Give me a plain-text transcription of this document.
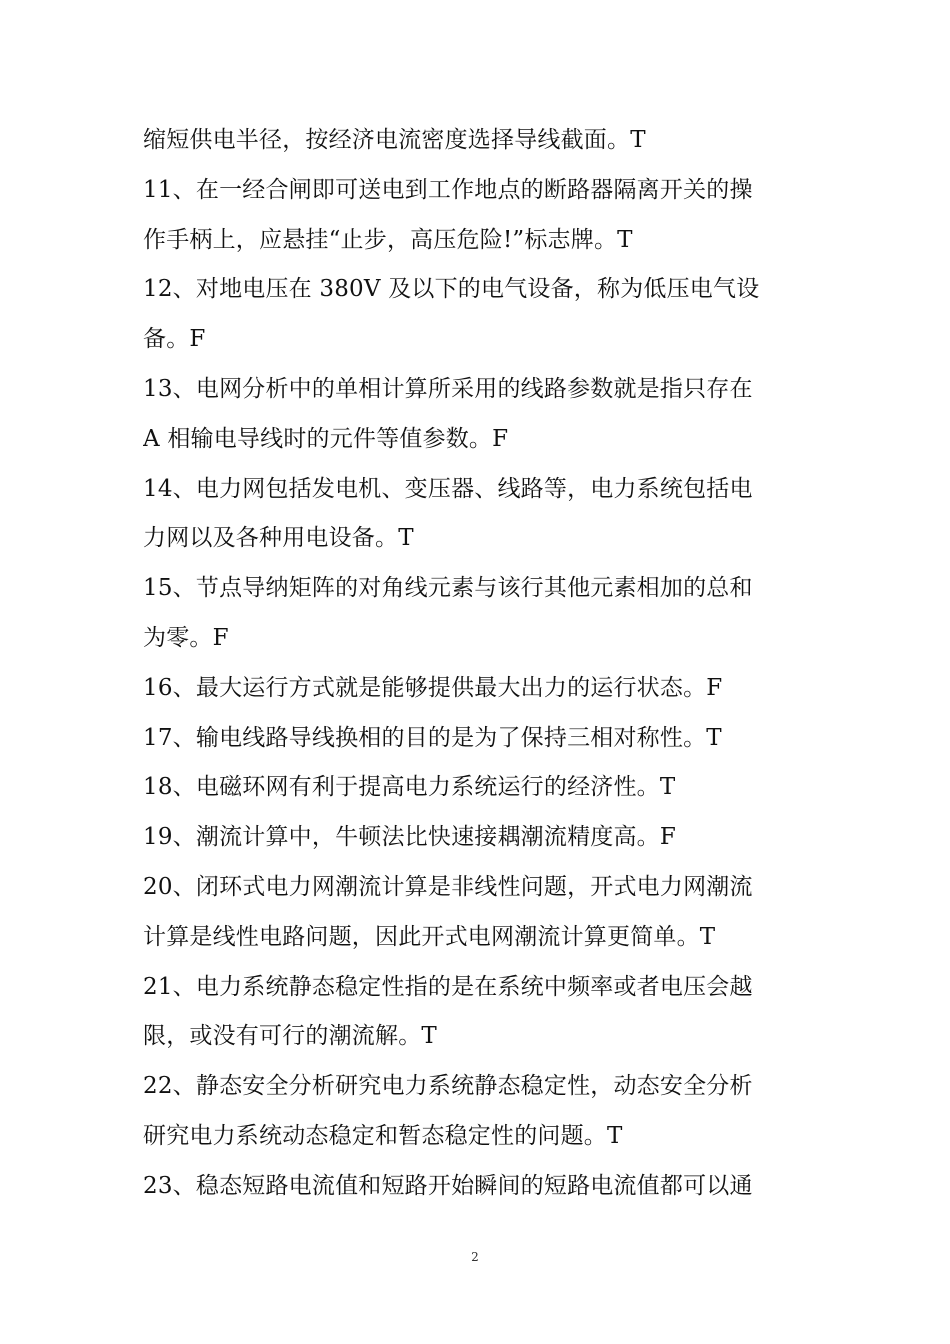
缩短供电半径，按经济电流密度选择导线截面。T
11、在一经合闸即可送电到工作地点的断路器隔离开关的操
作手柄上，应悬挂“止步，高压危险!”标志牌。T
12、对地电压在 380V 及以下的电气设备，称为低压电气设
备。F
13、电网分析中的单相计算所采用的线路参数就是指只存在
A 相输电导线时的元件等值参数。F
14、电力网包括发电机、变压器、线路等，电力系统包括电
力网以及各种用电设备。T
15、节点导纳矩阵的对角线元素与该行其他元素相加的总和
为零。F
16、最大运行方式就是能够提供最大出力的运行状态。F
17、输电线路导线换相的目的是为了保持三相对称性。T
18、电磁环网有利于提高电力系统运行的经济性。T
19、潮流计算中，牛顿法比快速接耦潮流精度高。F
20、闭环式电力网潮流计算是非线性问题，开式电力网潮流
计算是线性电路问题，因此开式电网潮流计算更简单。T
21、电力系统静态稳定性指的是在系统中频率或者电压会越
限，或没有可行的潮流解。T
22、静态安全分析研究电力系统静态稳定性，动态安全分析
研究电力系统动态稳定和暂态稳定性的问题。T
23、稳态短路电流值和短路开始瞬间的短路电流值都可以通
2
